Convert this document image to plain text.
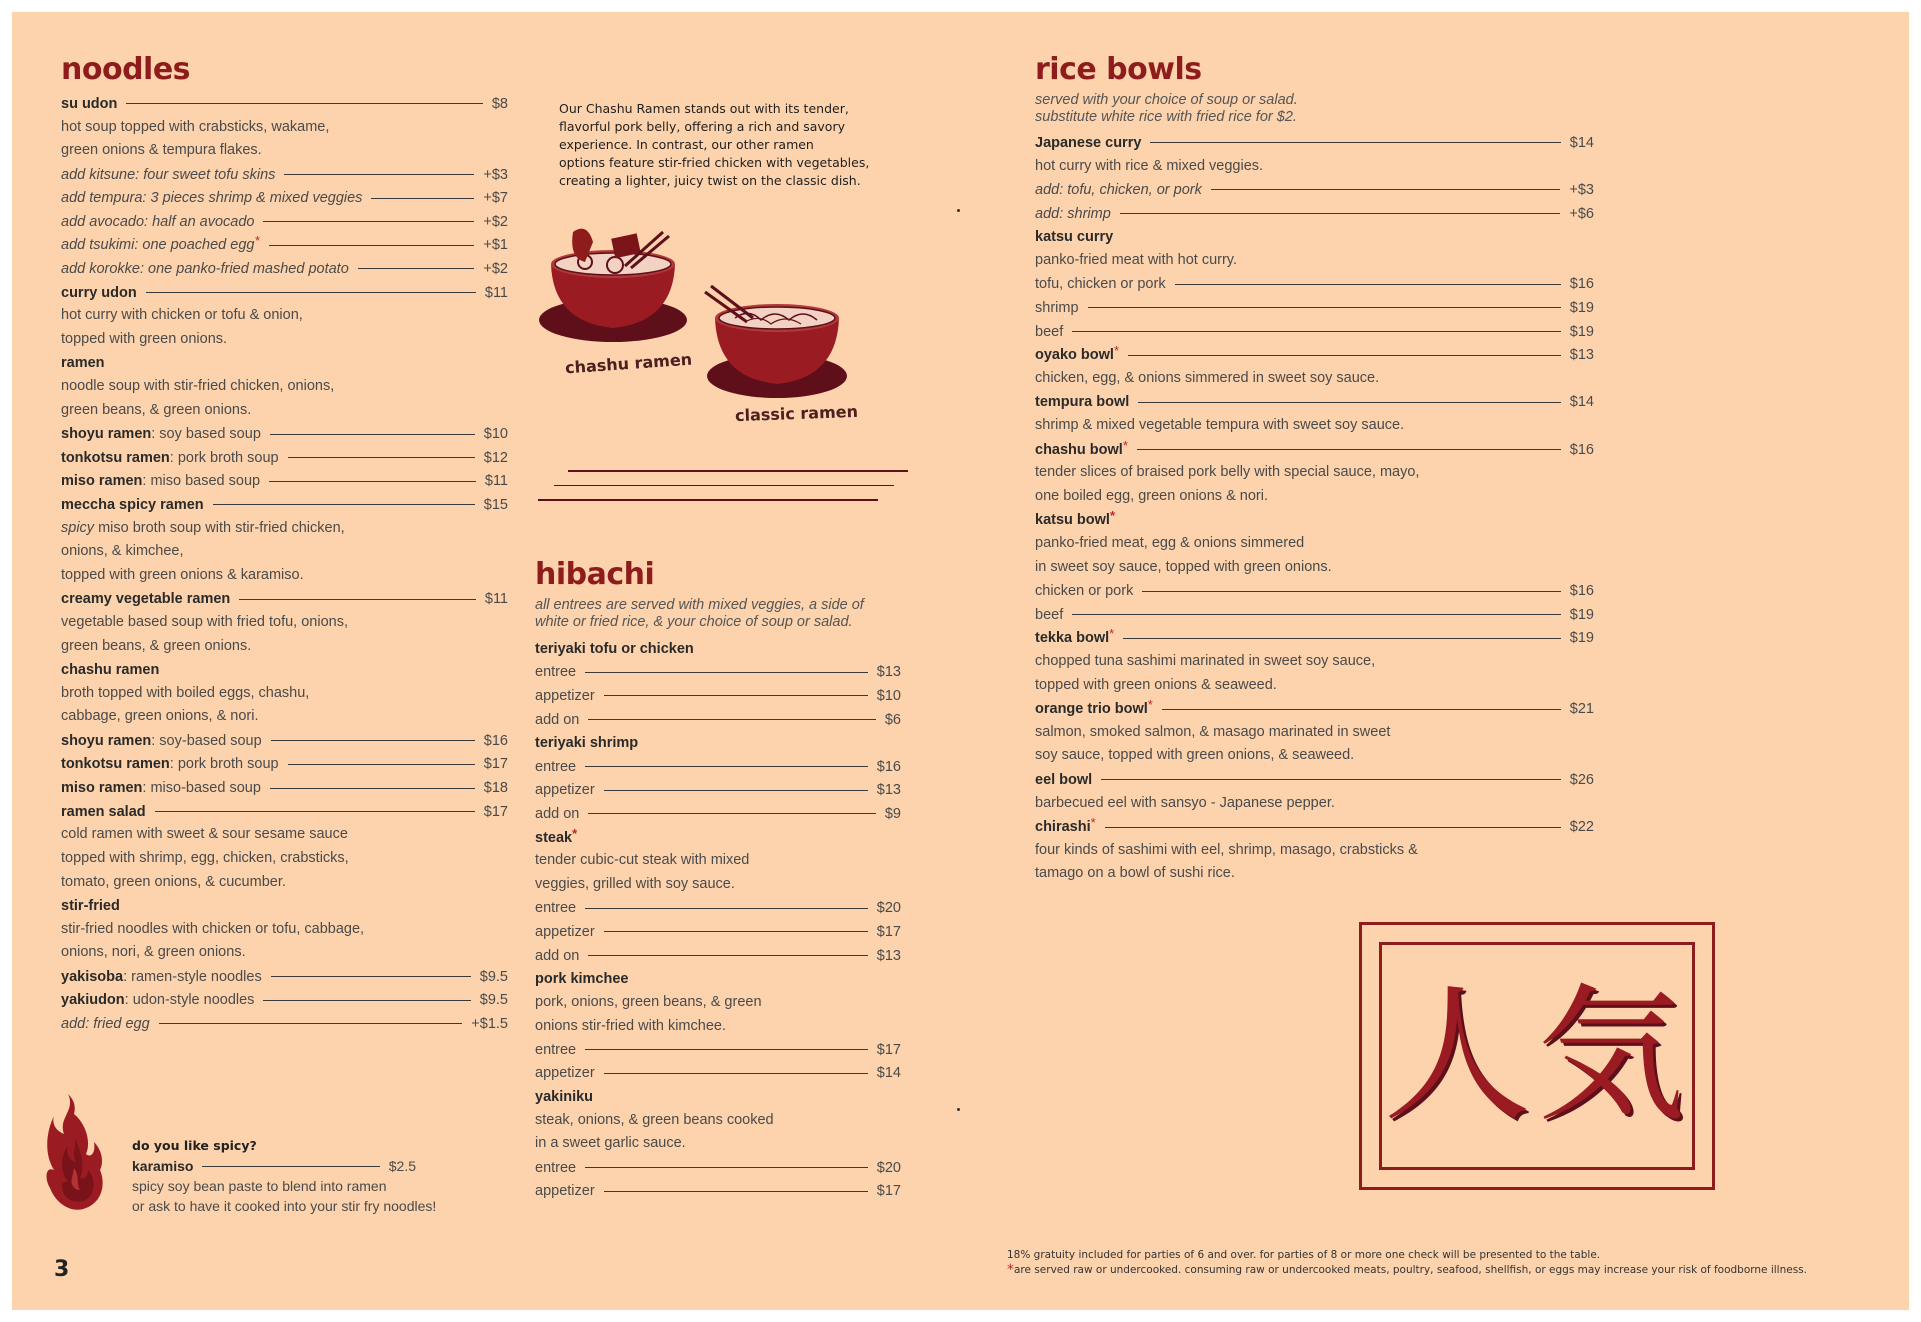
noodles
su udon	$8
hot soup topped with crabsticks, wakame,
green onions & tempura flakes.
add kitsune: four sweet tofu skins	+$3
add tempura: 3 pieces shrimp & mixed veggies	+$7
add avocado: half an avocado	+$2
add tsukimi: one poached egg*	+$1
add korokke: one panko-fried mashed potato	+$2
curry udon	$11
hot curry with chicken or tofu & onion,
topped with green onions.
ramen
noodle soup with stir-fried chicken, onions,
green beans, & green onions.
shoyu ramen: soy based soup	$10
tonkotsu ramen: pork broth soup	$12
miso ramen: miso based soup	$11
meccha spicy ramen	$15
spicy miso broth soup with stir-fried chicken,
onions, & kimchee,
topped with green onions & karamiso.
creamy vegetable ramen	$11
vegetable based soup with fried tofu, onions,
green beans, & green onions.
chashu ramen
broth topped with boiled eggs, chashu,
cabbage, green onions, & nori.
shoyu ramen: soy-based soup	$16
tonkotsu ramen: pork broth soup	$17
miso ramen: miso-based soup	$18
ramen salad	$17
cold ramen with sweet & sour sesame sauce
topped with shrimp, egg, chicken, crabsticks,
tomato, green onions, & cucumber.
stir-fried
stir-fried noodles with chicken or tofu, cabbage,
onions, nori, & green onions.
yakisoba: ramen-style noodles	$9.5
yakiudon: udon-style noodles	$9.5
add: fried egg	+$1.5
do you like spicy?
karamiso	$2.5
spicy soy bean paste to blend into ramen
or ask to have it cooked into your stir fry noodles!
3
Our Chashu Ramen stands out with its tender,
flavorful pork belly, offering a rich and savory
experience. In contrast, our other ramen
options feature stir-fried chicken with vegetables,
creating a lighter, juicy twist on the classic dish.
chashu ramen
classic ramen
hibachi
all entrees are served with mixed veggies, a side of
white or fried rice, & your choice of soup or salad.
teriyaki tofu or chicken
entree	$13
appetizer	$10
add on	$6
teriyaki shrimp
entree	$16
appetizer	$13
add on	$9
steak*
tender cubic-cut steak with mixed
veggies, grilled with soy sauce.
entree	$20
appetizer	$17
add on	$13
pork kimchee
pork, onions, green beans, & green
onions stir-fried with kimchee.
entree	$17
appetizer	$14
yakiniku
steak, onions, & green beans cooked
in a sweet garlic sauce.
entree	$20
appetizer	$17
rice bowls
served with your choice of soup or salad.
substitute white rice with fried rice for $2.
Japanese curry	$14
hot curry with rice & mixed veggies.
add: tofu, chicken, or pork	+$3
add: shrimp	+$6
katsu curry
panko-fried meat with hot curry.
tofu, chicken or pork	$16
shrimp	$19
beef	$19
oyako bowl*	$13
chicken, egg, & onions simmered in sweet soy sauce.
tempura bowl	$14
shrimp & mixed vegetable tempura with sweet soy sauce.
chashu bowl*	$16
tender slices of braised pork belly with special sauce, mayo,
one boiled egg, green onions & nori.
katsu bowl*
panko-fried meat, egg & onions simmered
in sweet soy sauce, topped with green onions.
chicken or pork	$16
beef	$19
tekka bowl*	$19
chopped tuna sashimi marinated in sweet soy sauce,
topped with green onions & seaweed.
orange trio bowl*	$21
salmon, smoked salmon, & masago marinated in sweet
soy sauce, topped with green onions, & seaweed.
eel bowl	$26
barbecued eel with sansyo - Japanese pepper.
chirashi*	$22
four kinds of sashimi with eel, shrimp, masago, crabsticks &
tamago on a bowl of sushi rice.
人気
18% gratuity included for parties of 6 and over. for parties of 8 or more one check will be presented to the table.
*are served raw or undercooked. consuming raw or undercooked meats, poultry, seafood, shellfish, or eggs may increase your risk of foodborne illness.
